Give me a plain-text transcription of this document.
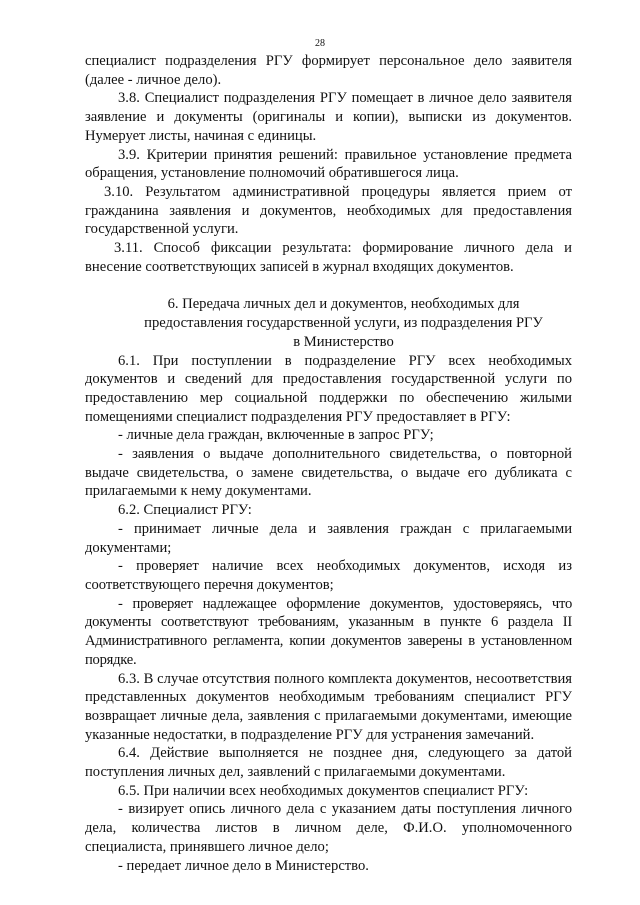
28

специалист подразделения РГУ формирует персональное дело заявителя (далее - личное дело).

3.8. Специалист подразделения РГУ помещает в личное дело заявителя заявление и документы (оригиналы и копии), выписки из документов. Нумерует листы, начиная с единицы.

3.9. Критерии принятия решений: правильное установление предмета обращения, установление полномочий обратившегося лица.

3.10. Результатом административной процедуры является прием от гражданина заявления и документов, необходимых для предоставления государственной услуги.

3.11. Способ фиксации результата: формирование личного дела и внесение соответствующих записей в журнал входящих документов.

6. Передача личных дел и документов, необходимых для
предоставления государственной услуги, из подразделения РГУ
в Министерство

6.1. При поступлении в подразделение РГУ всех необходимых документов и сведений для предоставления государственной услуги по предоставлению мер социальной поддержки по обеспечению жилыми помещениями специалист подразделения РГУ предоставляет в РГУ:

- личные дела граждан, включенные в запрос РГУ;

- заявления о выдаче дополнительного свидетельства, о повторной выдаче свидетельства, о замене свидетельства, о выдаче его дубликата с прилагаемыми к нему документами.

6.2. Специалист РГУ:

- принимает личные дела и заявления граждан с прилагаемыми документами;

- проверяет наличие всех необходимых документов, исходя из соответствующего перечня документов;

- проверяет надлежащее оформление документов, удостоверяясь, что документы соответствуют требованиям, указанным в пункте 6 раздела II Административного регламента, копии документов заверены в установленном порядке.

6.3. В случае отсутствия полного комплекта документов, несоответствия представленных документов необходимым требованиям специалист РГУ возвращает личные дела, заявления с прилагаемыми документами, имеющие указанные недостатки, в подразделение РГУ для устранения замечаний.

6.4. Действие выполняется не позднее дня, следующего за датой поступления личных дел, заявлений с прилагаемыми документами.

6.5. При наличии всех необходимых документов специалист РГУ:

- визирует опись личного дела с указанием даты поступления личного дела, количества листов в личном деле, Ф.И.О. уполномоченного специалиста, принявшего личное дело;

- передает личное дело в Министерство.
